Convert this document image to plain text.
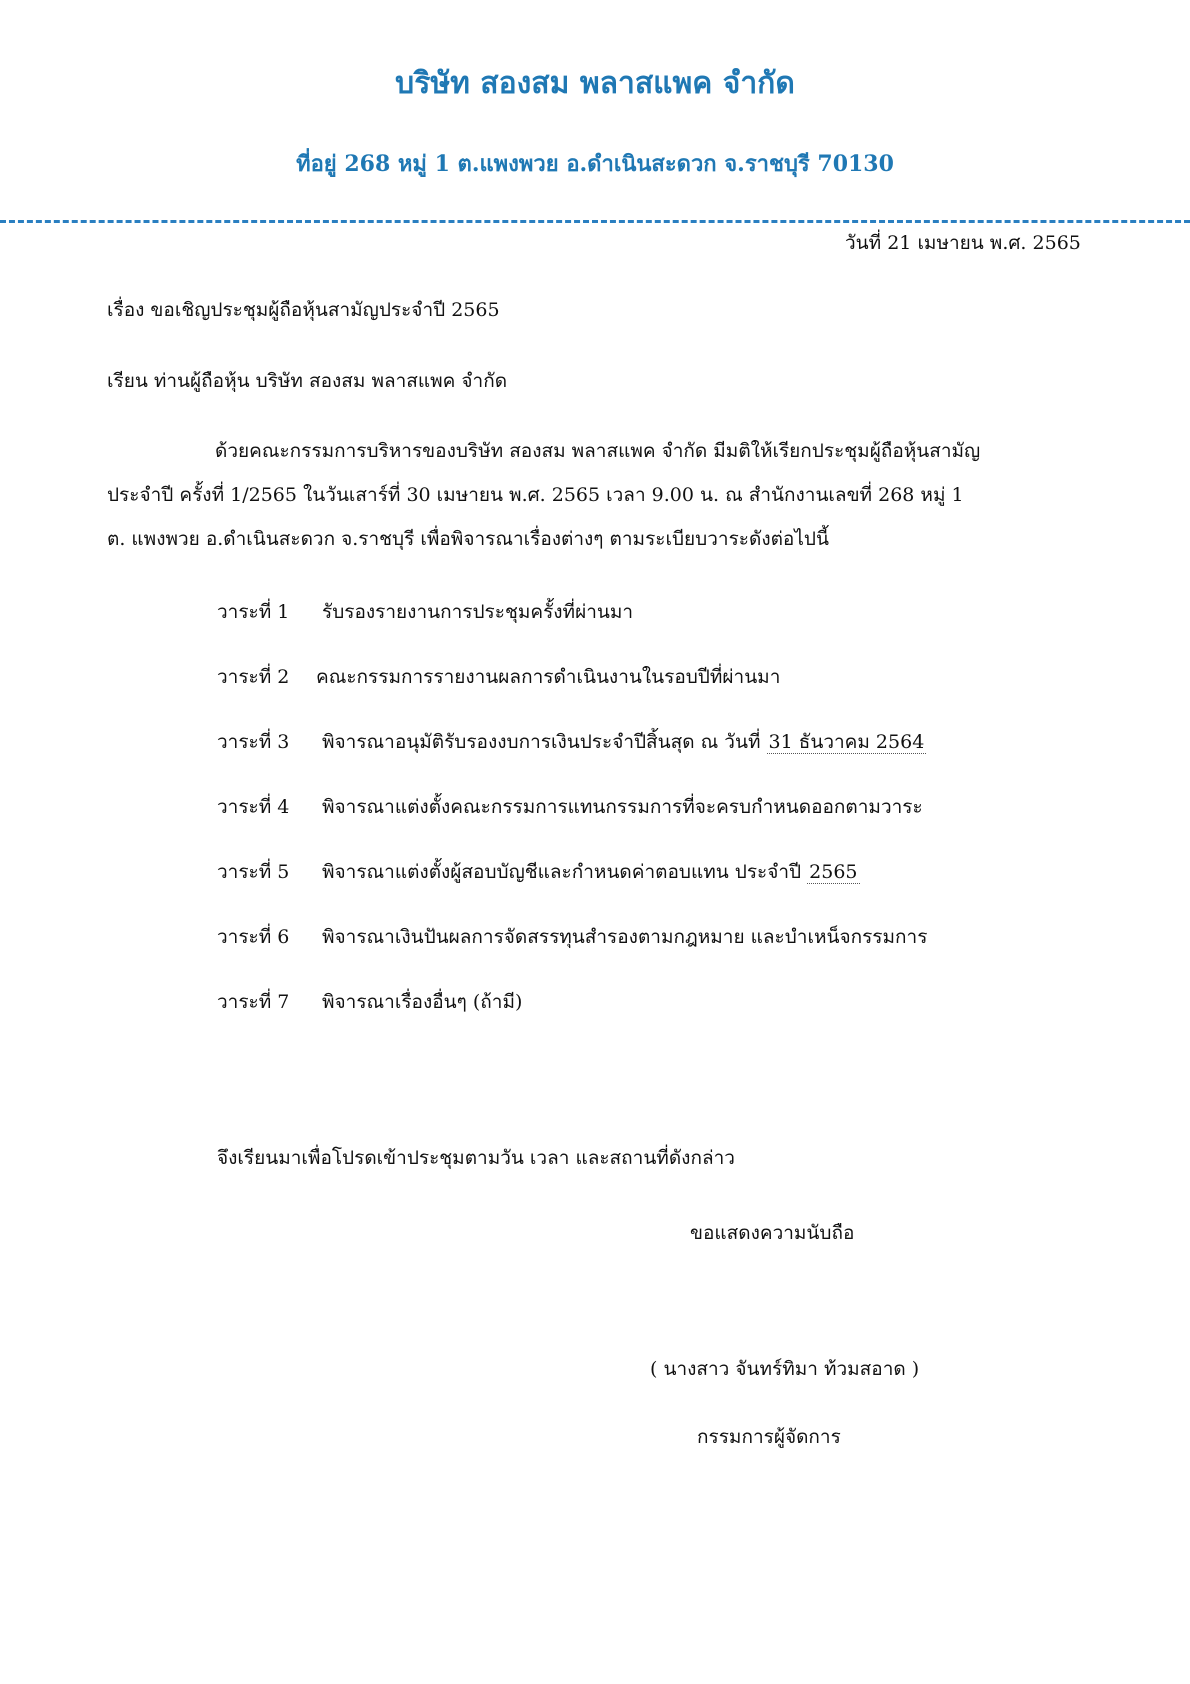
บริษัท สองสม พลาสแพค จำกัด
ที่อยู่ 268 หมู่ 1 ต.แพงพวย อ.ดำเนินสะดวก จ.ราชบุรี 70130
วันที่ 21 เมษายน พ.ศ. 2565
เรื่อง ขอเชิญประชุมผู้ถือหุ้นสามัญประจำปี 2565
เรียน ท่านผู้ถือหุ้น บริษัท สองสม พลาสแพค จำกัด
ด้วยคณะกรรมการบริหารของบริษัท สองสม พลาสแพค จำกัด มีมติให้เรียกประชุมผู้ถือหุ้นสามัญ
ประจำปี ครั้งที่ 1/2565 ในวันเสาร์ที่ 30 เมษายน พ.ศ. 2565 เวลา 9.00 น. ณ สำนักงานเลขที่ 268 หมู่ 1
ต. แพงพวย อ.ดำเนินสะดวก จ.ราชบุรี เพื่อพิจารณาเรื่องต่างๆ ตามระเบียบวาระดังต่อไปนี้
วาระที่ 1 รับรองรายงานการประชุมครั้งที่ผ่านมา
วาระที่ 2 คณะกรรมการรายงานผลการดำเนินงานในรอบปีที่ผ่านมา
วาระที่ 3 พิจารณาอนุมัติรับรองงบการเงินประจำปีสิ้นสุด ณ วันที่ 31 ธันวาคม 2564
วาระที่ 4 พิจารณาแต่งตั้งคณะกรรมการแทนกรรมการที่จะครบกำหนดออกตามวาระ
วาระที่ 5 พิจารณาแต่งตั้งผู้สอบบัญชีและกำหนดค่าตอบแทน ประจำปี 2565
วาระที่ 6 พิจารณาเงินปันผลการจัดสรรทุนสำรองตามกฎหมาย และบำเหน็จกรรมการ
วาระที่ 7 พิจารณาเรื่องอื่นๆ (ถ้ามี)
จึงเรียนมาเพื่อโปรดเข้าประชุมตามวัน เวลา และสถานที่ดังกล่าว
ขอแสดงความนับถือ
( นางสาว จันทร์ทิมา ท้วมสอาด )
กรรมการผู้จัดการ
